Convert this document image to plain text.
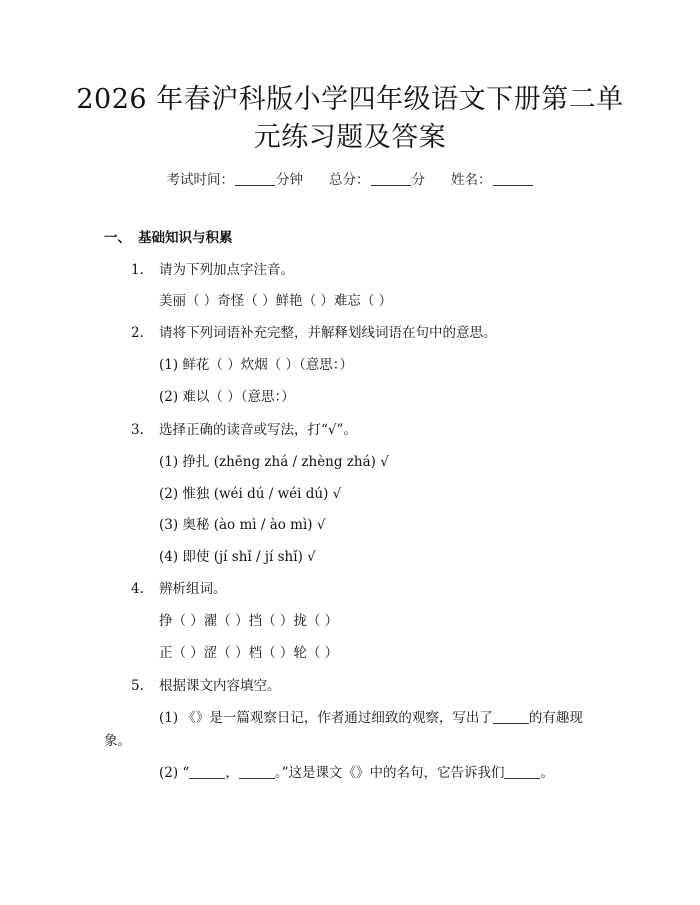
2026 年春沪科版小学四年级语文下册第二单
元练习题及答案
考试时间：	分钟 总分：	分 姓名：
一、 基础知识与积累
1. 请为下列加点字注音。
美丽（ ）奇怪（ ）鲜艳（ ）难忘（ ）
2. 请将下列词语补充完整，并解释划线词语在句中的意思。
(1) 鲜花（ ）炊烟（ ）（意思：）
(2) 难以（ ）（意思：）
3. 选择正确的读音或写法，打“√”。
(1) 挣扎 (zhēng zhá / zhèng zhá) √
(2) 惟独 (wéi dú / wéi dú) √
(3) 奥秘 (ào mì / ào mì) √
(4) 即使 (jí shǐ / jí shǐ) √
4. 辨析组词。
挣（ ）濯（ ）挡（ ）拢（ ）
正（ ）涩（ ）档（ ）轮（ ）
5. 根据课文内容填空。
(1) 《》是一篇观察日记，作者通过细致的观察，写出了	的有趣现
象。
(2) “	，	。”这是课文《》中的名句，它告诉我们	。
